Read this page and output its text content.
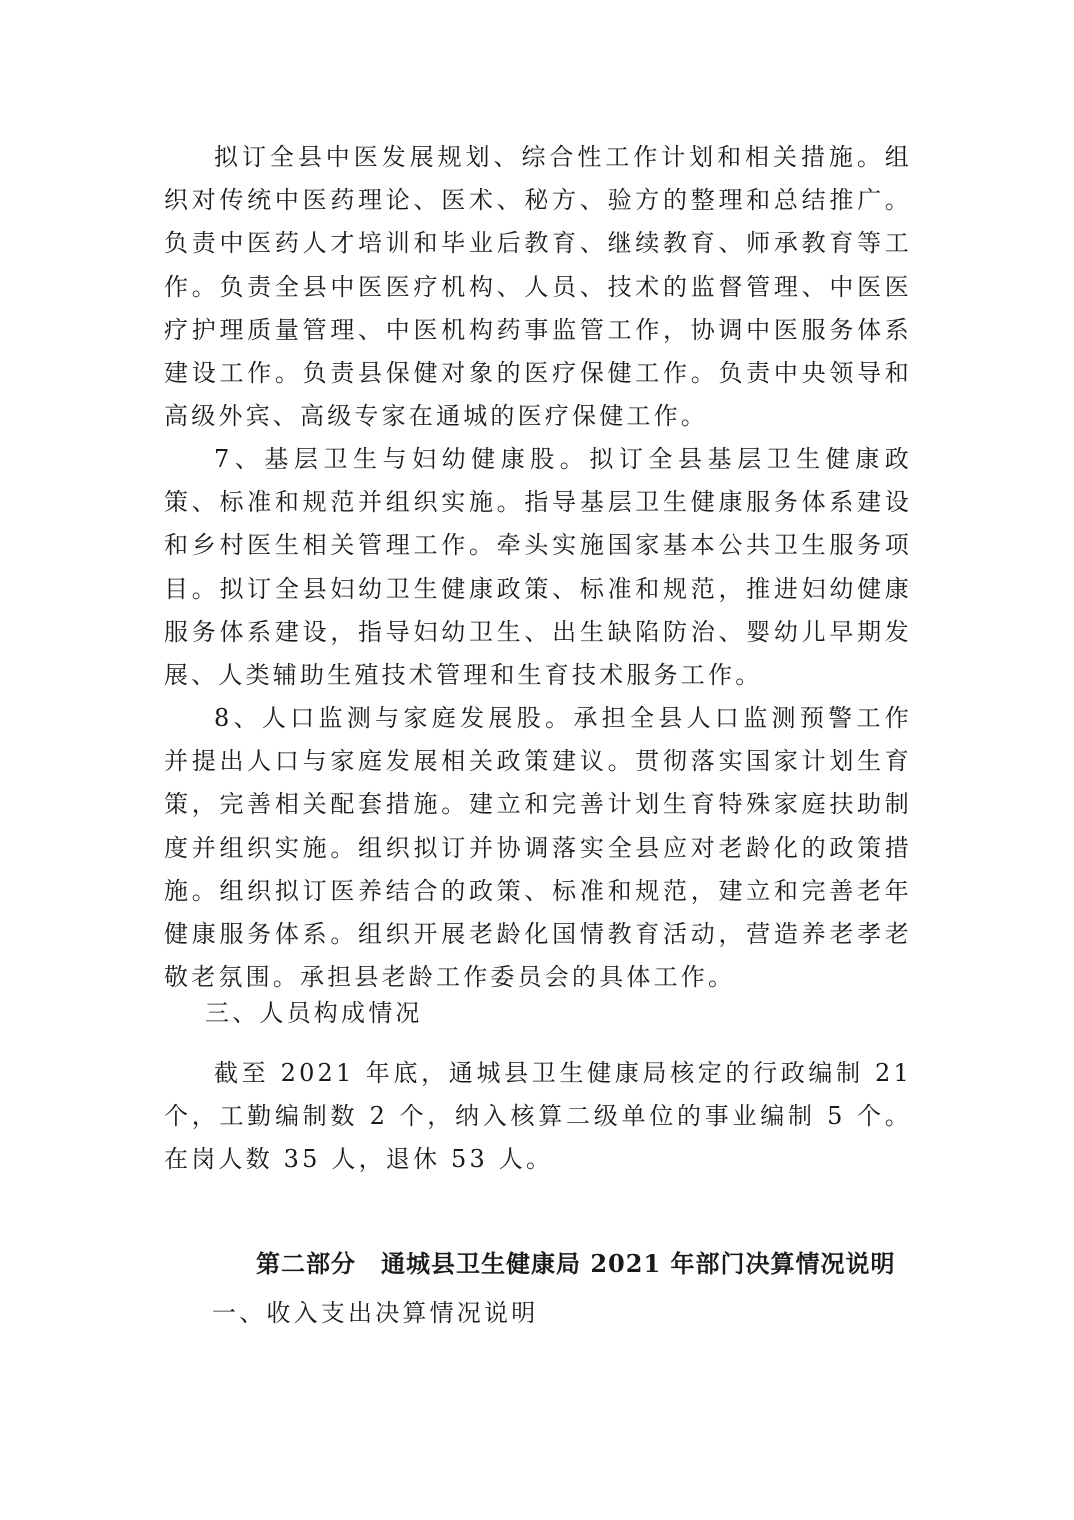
拟订全县中医发展规划、综合性工作计划和相关措施。组织对传统中医药理论、医术、秘方、验方的整理和总结推广。负责中医药人才培训和毕业后教育、继续教育、师承教育等工作。负责全县中医医疗机构、人员、技术的监督管理、中医医疗护理质量管理、中医机构药事监管工作，协调中医服务体系建设工作。负责县保健对象的医疗保健工作。负责中央领导和高级外宾、高级专家在通城的医疗保健工作。

7、基层卫生与妇幼健康股。拟订全县基层卫生健康政策、标准和规范并组织实施。指导基层卫生健康服务体系建设和乡村医生相关管理工作。牵头实施国家基本公共卫生服务项目。拟订全县妇幼卫生健康政策、标准和规范，推进妇幼健康服务体系建设，指导妇幼卫生、出生缺陷防治、婴幼儿早期发展、人类辅助生殖技术管理和生育技术服务工作。

8、人口监测与家庭发展股。承担全县人口监测预警工作并提出人口与家庭发展相关政策建议。贯彻落实国家计划生育策，完善相关配套措施。建立和完善计划生育特殊家庭扶助制度并组织实施。组织拟订并协调落实全县应对老龄化的政策措施。组织拟订医养结合的政策、标准和规范，建立和完善老年健康服务体系。组织开展老龄化国情教育活动，营造养老孝老敬老氛围。承担县老龄工作委员会的具体工作。

三、人员构成情况

截至 2021 年底，通城县卫生健康局核定的行政编制 21 个，工勤编制数 2 个，纳入核算二级单位的事业编制 5 个。在岗人数 35 人，退休 53 人。

第二部分　通城县卫生健康局 2021 年部门决算情况说明

一、收入支出决算情况说明
